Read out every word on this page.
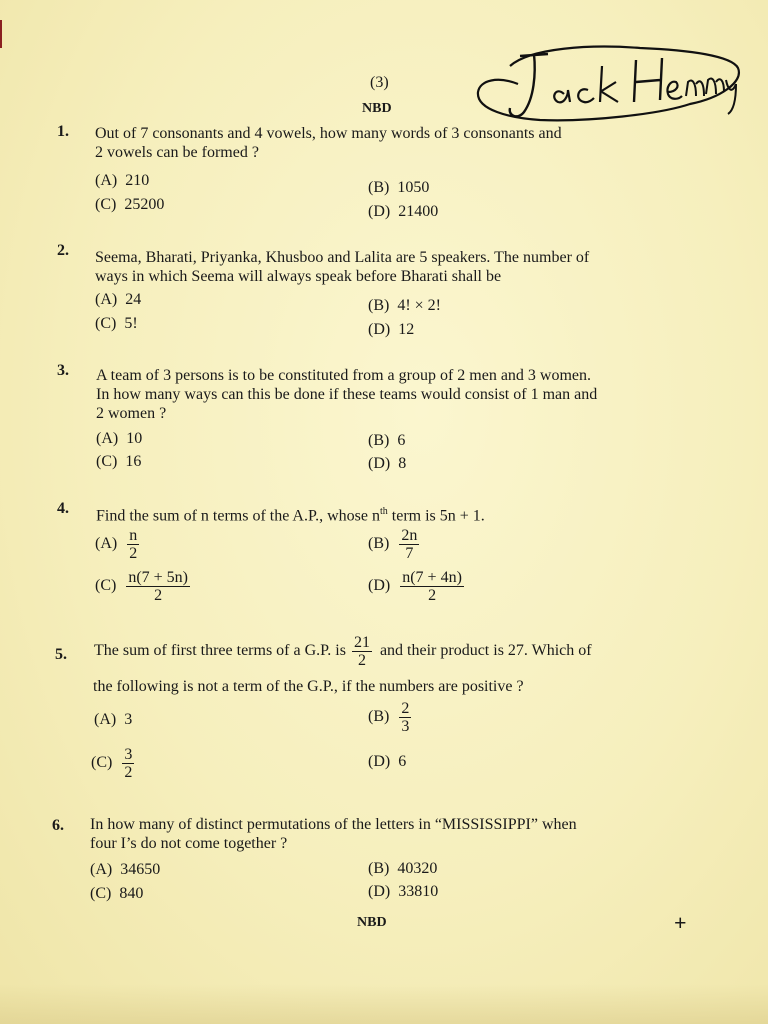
(3)
NBD
1. Out of 7 consonants and 4 vowels, how many words of 3 consonants and
2 vowels can be formed ?
(A) 210	(B) 1050
(C) 25200	(D) 21400
2. Seema, Bharati, Priyanka, Khusboo and Lalita are 5 speakers. The number of
ways in which Seema will always speak before Bharati shall be
(A) 24	(B) 4! × 2!
(C) 5!	(D) 12
3. A team of 3 persons is to be constituted from a group of 2 men and 3 women.
In how many ways can this be done if these teams would consist of 1 man and
2 women ?
(A) 10	(B) 6
(C) 16	(D) 8
4. Find the sum of n terms of the A.P., whose $n^{th}$ term is 5n + 1.
$(A) \frac{n}{2}$	$(B) \frac{2n}{7}$
$(C) \frac{n(7 + 5n)}{2}$	$(D) \frac{n(7 + 4n)}{2}$
5. The sum of first three terms of a G.P. is $\frac{21}{2}$ and their product is 27. Which of
the following is not a term of the G.P., if the numbers are positive ?
(A) 3	$(B) \frac{2}{3}$
$(C) \frac{3}{2}$	(D) 6
6. In how many of distinct permutations of the letters in “MISSISSIPPI” when
four I’s do not come together ?
(A) 34650	(B) 40320
(C) 840	(D) 33810
NBD	+
